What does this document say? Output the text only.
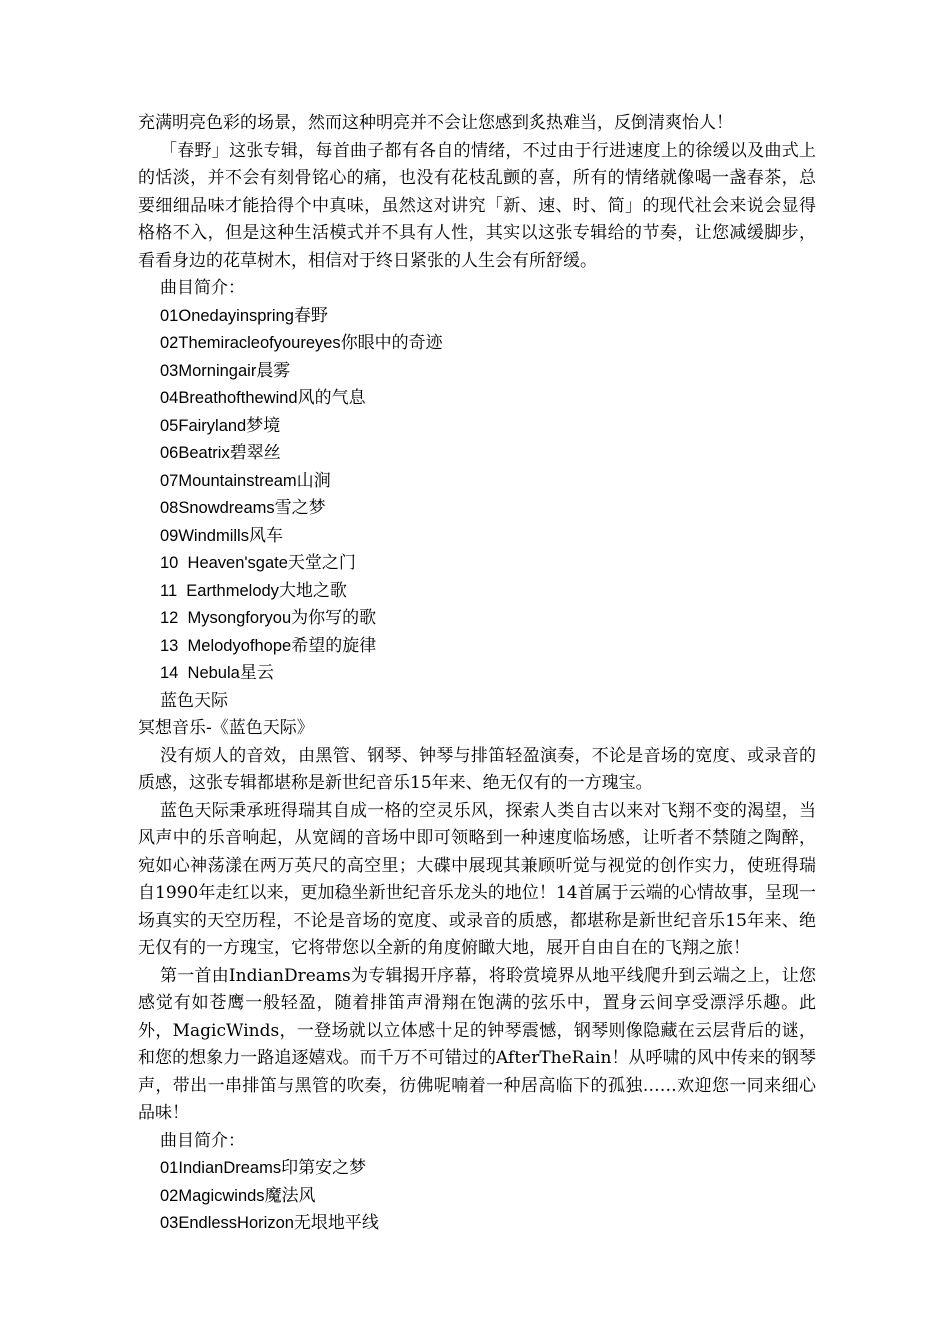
充满明亮色彩的场景，然而这种明亮并不会让您感到炙热难当，反倒清爽怡人！

「春野」这张专辑，每首曲子都有各自的情绪，不过由于行进速度上的徐缓以及曲式上的恬淡，并不会有刻骨铭心的痛，也没有花枝乱颤的喜，所有的情绪就像喝一盏春茶，总要细细品味才能拾得个中真味，虽然这对讲究「新、速、时、简」的现代社会来说会显得格格不入，但是这种生活模式并不具有人性，其实以这张专辑给的节奏，让您减缓脚步，看看身边的花草树木，相信对于终日紧张的人生会有所舒缓。

曲目简介：

01Onedayinspring春野

02Themiracleofyoureyes你眼中的奇迹

03Morningair晨雾

04Breathofthewind风的气息

05Fairyland梦境

06Beatrix碧翠丝

07Mountainstream山涧

08Snowdreams雪之梦

09Windmills风车

10  Heaven'sgate天堂之门

11  Earthmelody大地之歌

12  Mysongforyou为你写的歌

13  Melodyofhope希望的旋律

14  Nebula星云

蓝色天际

冥想音乐-《蓝色天际》

没有烦人的音效，由黑管、钢琴、钟琴与排笛轻盈演奏，不论是音场的宽度、或录音的质感，这张专辑都堪称是新世纪音乐15年来、绝无仅有的一方瑰宝。

蓝色天际秉承班得瑞其自成一格的空灵乐风，探索人类自古以来对飞翔不变的渴望，当风声中的乐音响起，从宽阔的音场中即可领略到一种速度临场感，让听者不禁随之陶醉，宛如心神荡漾在两万英尺的高空里；大碟中展现其兼顾听觉与视觉的创作实力，使班得瑞自1990年走红以来，更加稳坐新世纪音乐龙头的地位！14首属于云端的心情故事，呈现一场真实的天空历程，不论是音场的宽度、或录音的质感，都堪称是新世纪音乐15年来、绝无仅有的一方瑰宝，它将带您以全新的角度俯瞰大地，展开自由自在的飞翔之旅！

第一首由IndianDreams为专辑揭开序幕，将聆赏境界从地平线爬升到云端之上，让您感觉有如苍鹰一般轻盈，随着排笛声滑翔在饱满的弦乐中，置身云间享受漂浮乐趣。此外，MagicWinds，一登场就以立体感十足的钟琴震憾，钢琴则像隐藏在云层背后的谜，和您的想象力一路追逐嬉戏。而千万不可错过的AfterTheRain！从呼啸的风中传来的钢琴声，带出一串排笛与黑管的吹奏，彷佛呢喃着一种居高临下的孤独……欢迎您一同来细心品味！

曲目简介：

01IndianDreams印第安之梦

02Magicwinds魔法风

03EndlessHorizon无垠地平线
